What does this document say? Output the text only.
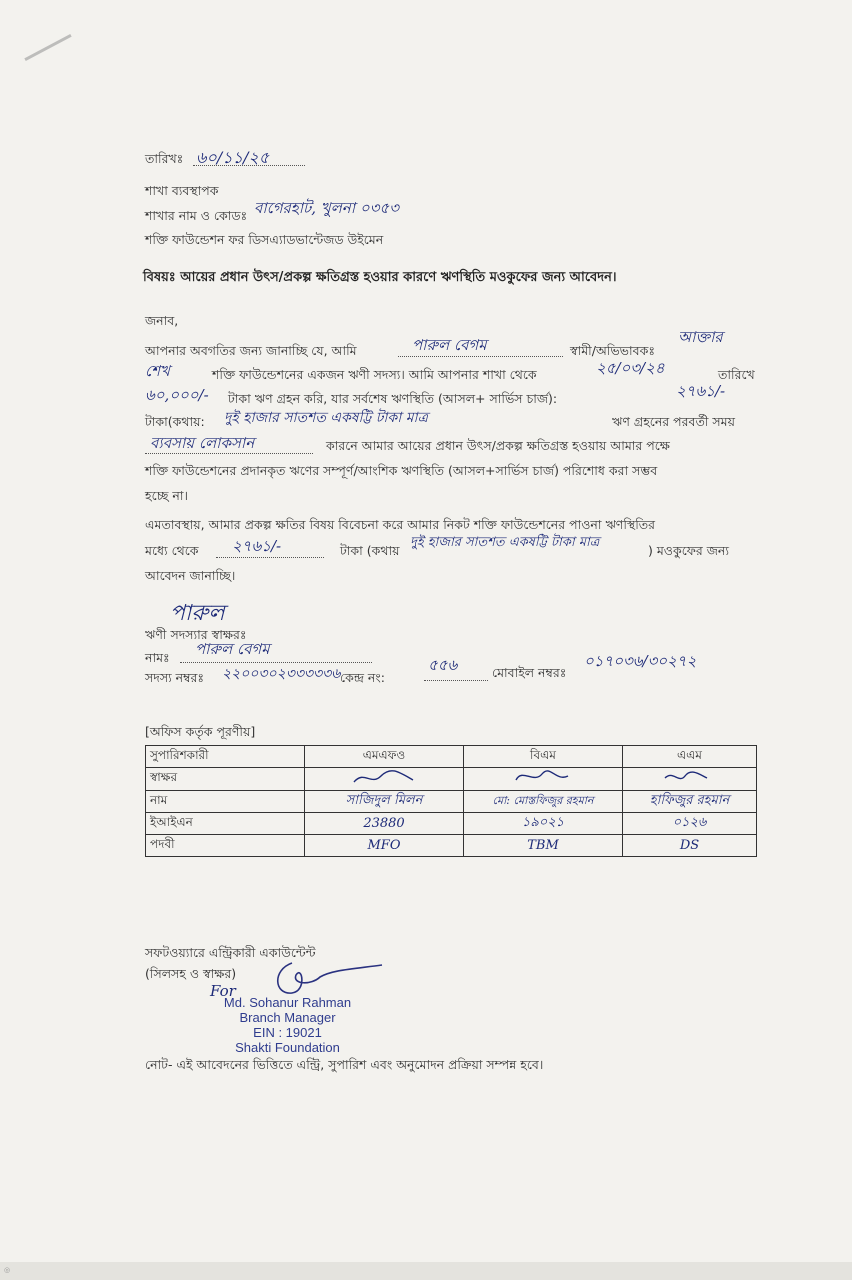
তারিখঃ ৬০/১১/২৫
শাখা ব্যবস্থাপক
শাখার নাম ও কোডঃ বাগেরহাট, খুলনা ০৩৫৩
শক্তি ফাউন্ডেশন ফর ডিসএ্যাডভান্টেজড উইমেন
বিষয়ঃ আয়ের প্রধান উৎস/প্রকল্প ক্ষতিগ্রস্ত হওয়ার কারণে ঋণস্থিতি মওকুফের জন্য আবেদন।
জনাব,
আপনার অবগতির জন্য জানাচ্ছি যে, আমি	পারুল বেগম	স্বামী/অভিভাবকঃ
আক্তার
শেখ	শক্তি ফাউন্ডেশনের একজন ঋণী সদস্য। আমি আপনার শাখা থেকে	২৫/০৩/২৪	তারিখে
৬০,০০০/- টাকা ঋণ গ্রহন করি, যার সর্বশেষ ঋণস্থিতি (আসল+ সার্ভিস চার্জ):	২৭৬১/-
টাকা(কথায়: দুই হাজার সাতশত একষট্টি টাকা মাত্র	ঋণ গ্রহনের পরবর্তী সময়
ব্যবসায় লোকসান	কারনে আমার আয়ের প্রধান উৎস/প্রকল্প ক্ষতিগ্রস্ত হওয়ায় আমার পক্ষে
শক্তি ফাউন্ডেশনের প্রদানকৃত ঋণের সম্পূর্ণ/আংশিক ঋণস্থিতি (আসল+সার্ভিস চার্জ) পরিশোধ করা সম্ভব
হচ্ছে না।
এমতাবস্থায়, আমার প্রকল্প ক্ষতির বিষয় বিবেচনা করে আমার নিকট শক্তি ফাউন্ডেশনের পাওনা ঋণস্থিতির
মধ্যে থেকে ২৭৬১/-	টাকা (কথায়
দুই হাজার সাতশত একষট্টি টাকা মাত্র
) মওকুফের জন্য
আবেদন জানাচ্ছি।
পারুল
ঋণী সদস্যার স্বাক্ষরঃ
নামঃ পারুল বেগম
সদস্য নম্বরঃ ২২০০৩০২৩৩৩৩৩৬ কেন্দ্র নং:
৫৫৬	মোবাইল নম্বরঃ
০১৭০৩৬/৩০২৭২
[অফিস কর্তৃক পূরণীয়]
সুপারিশকারী	এমএফও	বিএম	এএম
স্বাক্ষর			
নাম	সাজিদুল মিলন	মো: মোস্তফিজুর রহমান	হাফিজুর রহমান
ইআইএন	23880	১৯০২১	০১২৬
পদবী	MFO	TBM	DS
সফটওয়্যারে এন্ট্রিকারী একাউন্টেন্ট
(সিলসহ ও স্বাক্ষর)
For
Md. Sohanur Rahman
Branch Manager
EIN : 19021
Shakti Foundation
নোট- এই আবেদনের ভিত্তিতে এন্ট্রি, সুপারিশ এবং অনুমোদন প্রক্রিয়া সম্পন্ন হবে।
◎
